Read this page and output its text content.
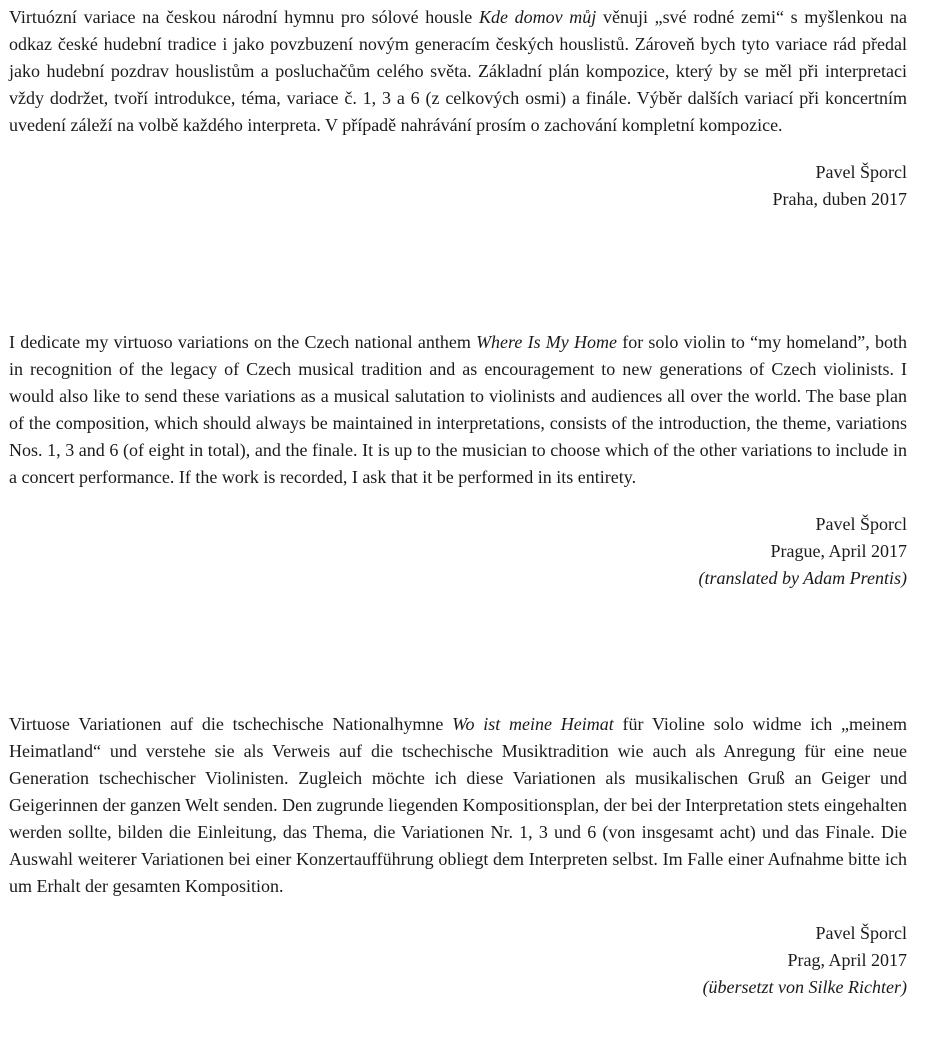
Virtuózní variace na českou národní hymnu pro sólové housle Kde domov můj věnuji „své rodné zemi“ s myšlenkou na odkaz české hudební tradice i jako povzbuzení novým generacím českých houslistů. Zároveň bych tyto variace rád předal jako hudební pozdrav houslistům a posluchačům celého světa. Základní plán kompozice, který by se měl při interpretaci vždy dodržet, tvoří introdukce, téma, variace č. 1, 3 a 6 (z celkových osmi) a finále. Výběr dalších variací při koncertním uvedení záleží na volbě každého interpreta. V případě nahrávání prosím o zachování kompletní kompozice.

Pavel Šporcl
Praha, duben 2017

I dedicate my virtuoso variations on the Czech national anthem Where Is My Home for solo violin to “my homeland”, both in recognition of the legacy of Czech musical tradition and as encouragement to new generations of Czech violinists. I would also like to send these variations as a musical salutation to violinists and audiences all over the world. The base plan of the composition, which should always be maintained in interpretations, consists of the introduction, the theme, variations Nos. 1, 3 and 6 (of eight in total), and the finale. It is up to the musician to choose which of the other variations to include in a concert performance. If the work is recorded, I ask that it be performed in its entirety.

Pavel Šporcl
Prague, April 2017
(translated by Adam Prentis)

Virtuose Variationen auf die tschechische Nationalhymne Wo ist meine Heimat für Violine solo widme ich „meinem Heimatland“ und verstehe sie als Verweis auf die tschechische Musiktradition wie auch als Anregung für eine neue Generation tschechischer Violinisten. Zugleich möchte ich diese Variationen als musikalischen Gruß an Geiger und Geigerinnen der ganzen Welt senden. Den zugrunde liegenden Kompositionsplan, der bei der Interpretation stets eingehalten werden sollte, bilden die Einleitung, das Thema, die Variationen Nr. 1, 3 und 6 (von insgesamt acht) und das Finale. Die Auswahl weiterer Variationen bei einer Konzertaufführung obliegt dem Interpreten selbst. Im Falle einer Aufnahme bitte ich um Erhalt der gesamten Komposition.

Pavel Šporcl
Prag, April 2017
(übersetzt von Silke Richter)
